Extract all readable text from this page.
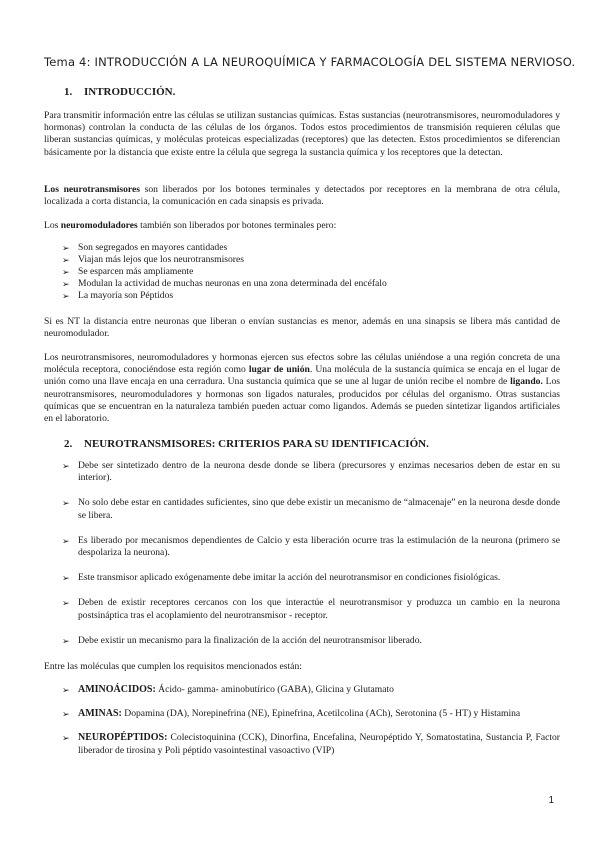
Tema 4: INTRODUCCIÓN A LA NEUROQUÍMICA Y FARMACOLOGÍA DEL SISTEMA NERVIOSO.
1. INTRODUCCIÓN.

Para transmitir información entre las células se utilizan sustancias químicas. Estas sustancias (neurotransmisores, neuromoduladores y hormonas) controlan la conducta de las células de los órganos. Todos estos procedimientos de transmisión requieren células que liberan sustancias químicas, y moléculas proteicas especializadas (receptores) que las detecten. Estos procedimientos se diferencian básicamente por la distancia que existe entre la célula que segrega la sustancia química y los receptores que la detectan.

Los neurotransmisores son liberados por los botones terminales y detectados por receptores en la membrana de otra célula, localizada a corta distancia, la comunicación en cada sinapsis es privada.

Los neuromoduladores también son liberados por botones terminales pero:

➢ Son segregados en mayores cantidades
➢ Viajan más lejos que los neurotransmisores
➢ Se esparcen más ampliamente
➢ Modulan la actividad de muchas neuronas en una zona determinada del encéfalo
➢ La mayoría son Péptidos

Si es NT la distancia entre neuronas que liberan o envían sustancias es menor, además en una sinapsis se libera más cantidad de neuromodulador.

Los neurotransmisores, neuromoduladores y hormonas ejercen sus efectos sobre las células uniéndose a una región concreta de una molécula receptora, conociéndose esta región como lugar de unión. Una molécula de la sustancia química se encaja en el lugar de unión como una llave encaja en una cerradura. Una sustancia química que se une al lugar de unión recibe el nombre de ligando. Los neurotransmisores, neuromoduladores y hormonas son ligados naturales, producidos por células del organismo. Otras sustancias químicas que se encuentran en la naturaleza también pueden actuar como ligandos. Además se pueden sintetizar ligandos artificiales en el laboratorio.

2. NEUROTRANSMISORES: CRITERIOS PARA SU IDENTIFICACIÓN.
➢ Debe ser sintetizado dentro de la neurona desde donde se libera (precursores y enzimas necesarios deben de estar en su interior).
➢ No solo debe estar en cantidades suficientes, sino que debe existir un mecanismo de “almacenaje” en la neurona desde donde se libera.
➢ Es liberado por mecanismos dependientes de Calcio y esta liberación ocurre tras la estimulación de la neurona (primero se despolariza la neurona).
➢ Este transmisor aplicado exógenamente debe imitar la acción del neurotransmisor en condiciones fisiológicas.
➢ Deben de existir receptores cercanos con los que interactúe el neurotransmisor y produzca un cambio en la neurona postsináptica tras el acoplamiento del neurotransmisor - receptor.
➢ Debe existir un mecanismo para la finalización de la acción del neurotransmisor liberado.

Entre las moléculas que cumplen los requisitos mencionados están:

➢ AMINOÁCIDOS: Ácido- gamma- aminobutírico (GABA), Glicina y Glutamato
➢ AMINAS: Dopamina (DA), Norepinefrina (NE), Epinefrina, Acetilcolina (ACh), Serotonina (5 - HT) y Histamina
➢ NEUROPÉPTIDOS: Colecistoquinina (CCK), Dinorfina, Encefalina, Neuropéptido Y, Somatostatina, Sustancia P, Factor liberador de tirosina y Poli péptido vasointestinal vasoactivo (VIP)
1
